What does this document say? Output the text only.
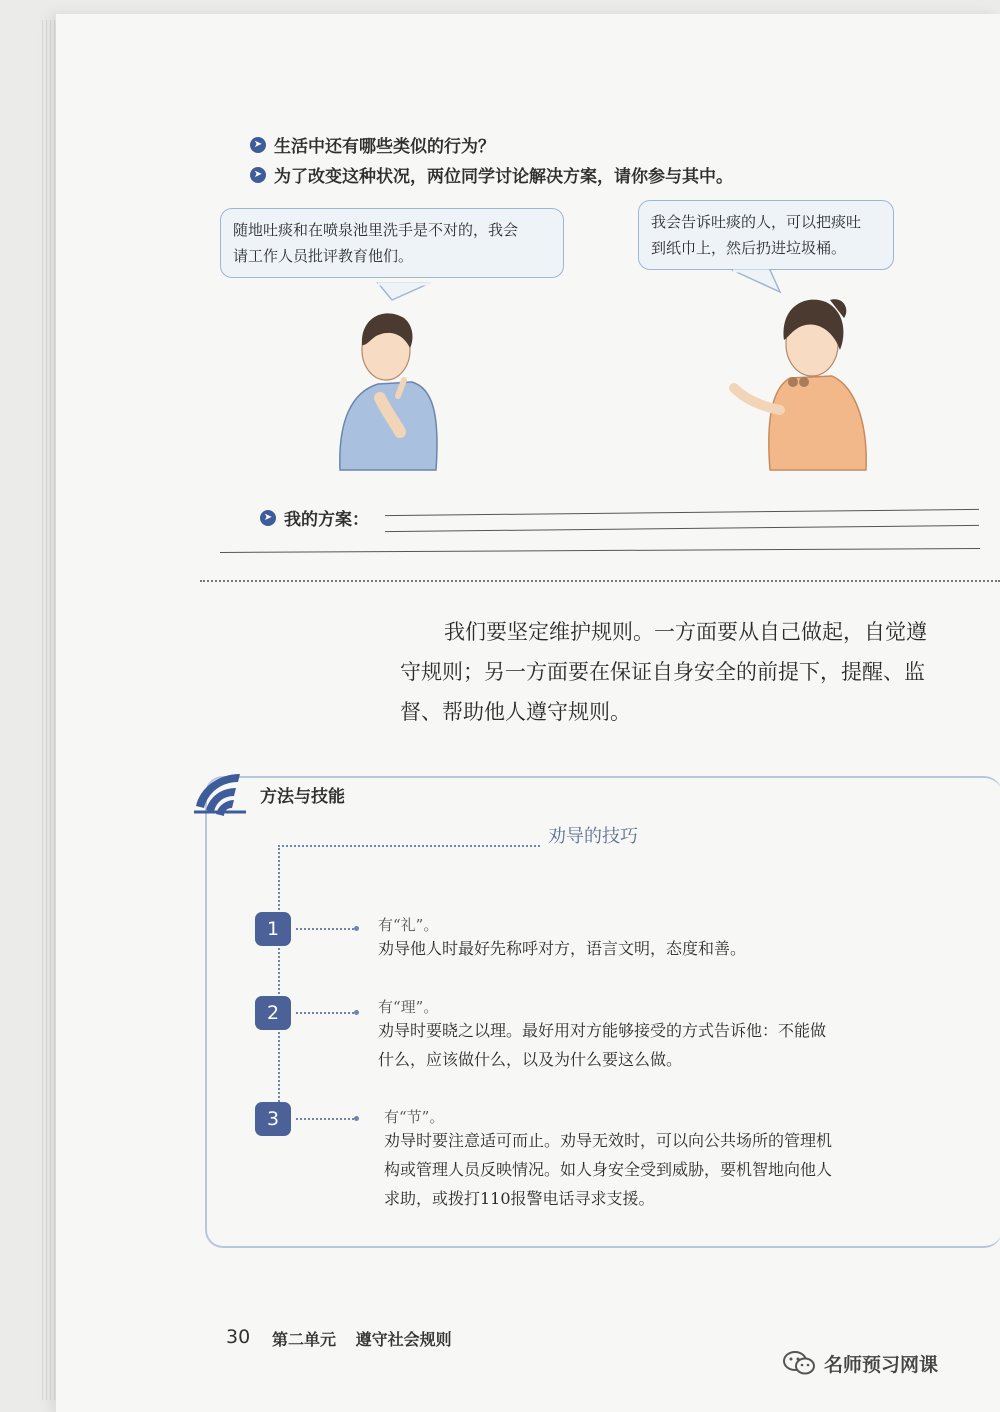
➤ 生活中还有哪些类似的行为？
➤ 为了改变这种状况，两位同学讨论解决方案，请你参与其中。
随地吐痰和在喷泉池里洗手是不对的，我会
请工作人员批评教育他们。
我会告诉吐痰的人，可以把痰吐
到纸巾上，然后扔进垃圾桶。
➤ 我的方案：

我们要坚定维护规则。一方面要从自己做起，自觉遵

守规则；另一方面要在保证自身安全的前提下，提醒、监

督、帮助他人遵守规则。

方法与技能
劝导的技巧
1	有“礼”。
劝导他人时最好先称呼对方，语言文明，态度和善。
2	有“理”。
劝导时要晓之以理。最好用对方能够接受的方式告诉他：不能做
什么，应该做什么，以及为什么要这么做。
3	有“节”。
劝导时要注意适可而止。劝导无效时，可以向公共场所的管理机
构或管理人员反映情况。如人身安全受到威胁，要机智地向他人
求助，或拨打110报警电话寻求支援。
30 第二单元 遵守社会规则
名师预习网课
